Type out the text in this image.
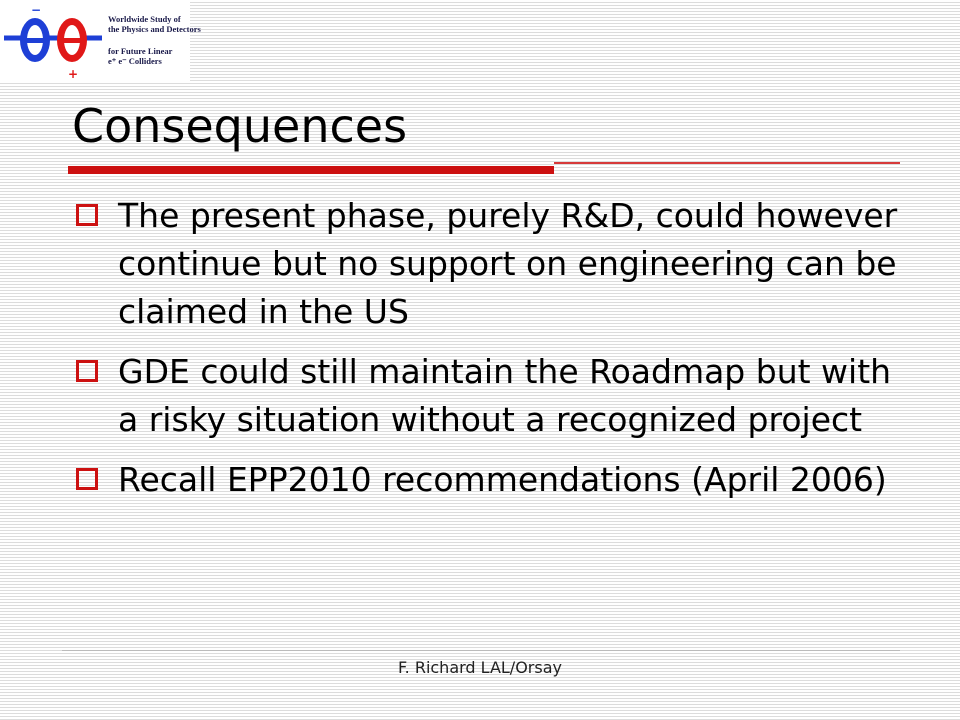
−
+
Worldwide Study of
the Physics and Detectors
for Future Linear
e⁺ e⁻ Colliders
Consequences
The present phase, purely R&D, could however continue but no support on engineering can be claimed in the US
GDE could still maintain the Roadmap but with a risky situation without a recognized project
Recall EPP2010 recommendations (April 2006)
F. Richard LAL/Orsay
